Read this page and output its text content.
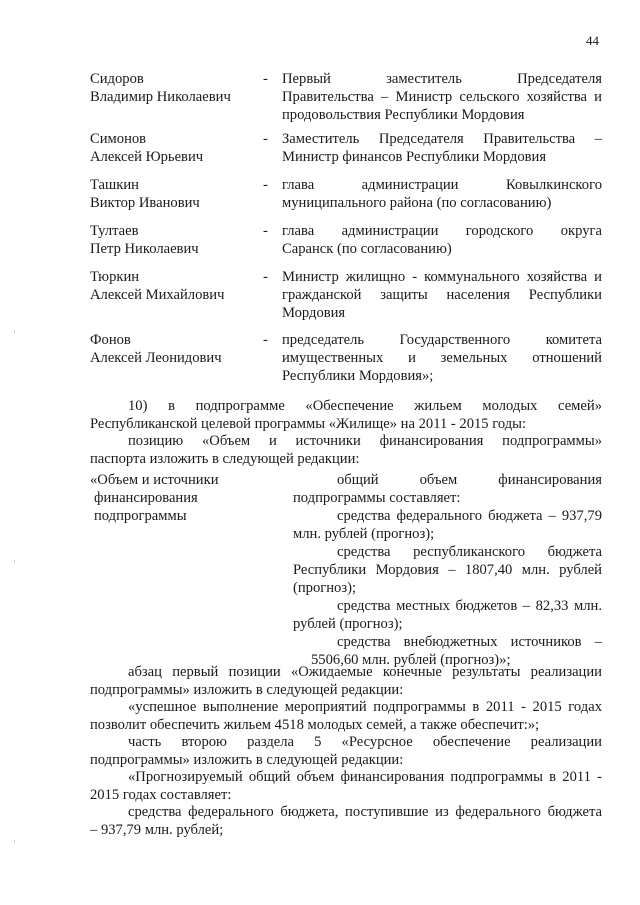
44
Сидоров
Владимир Николаевич
- Первый заместитель Председателя
Правительства – Министр сельского хозяйства и
продовольствия Республики Мордовия
Симонов
Алексей Юрьевич
- Заместитель Председателя Правительства –
Министр финансов Республики Мордовия
Ташкин
Виктор Иванович
- глава администрации Ковылкинского
муниципального района (по согласованию)
Тултаев
Петр Николаевич
- глава администрации городского округа
Саранск (по согласованию)
Тюркин
Алексей Михайлович
- Министр жилищно - коммунального хозяйства и
гражданской защиты населения Республики
Мордовия
Фонов
Алексей Леонидович
- председатель Государственного комитета
имущественных и земельных отношений
Республики Мордовия»;
10) в подпрограмме «Обеспечение жильем молодых семей»
Республиканской целевой программы «Жилище» на 2011 - 2015 годы:
позицию «Объем и источники финансирования подпрограммы»
паспорта изложить в следующей редакции:
«Объем и источники
финансирования
подпрограммы
общий объем финансирования
подпрограммы составляет:
средства федерального бюджета – 937,79
млн. рублей (прогноз);
средства республиканского бюджета
Республики Мордовия – 1807,40 млн. рублей
(прогноз);
средства местных бюджетов – 82,33 млн.
рублей (прогноз);
средства внебюджетных источников –
5506,60 млн. рублей (прогноз)»;
абзац первый позиции «Ожидаемые конечные результаты реализации
подпрограммы» изложить в следующей редакции:
«успешное выполнение мероприятий подпрограммы в 2011 - 2015 годах
позволит обеспечить жильем 4518 молодых семей, а также обеспечит:»;
часть второю раздела 5 «Ресурсное обеспечение реализации
подпрограммы» изложить в следующей редакции:
«Прогнозируемый общий объем финансирования подпрограммы в 2011 -
2015 годах составляет:
средства федерального бюджета, поступившие из федерального бюджета
– 937,79 млн. рублей;
